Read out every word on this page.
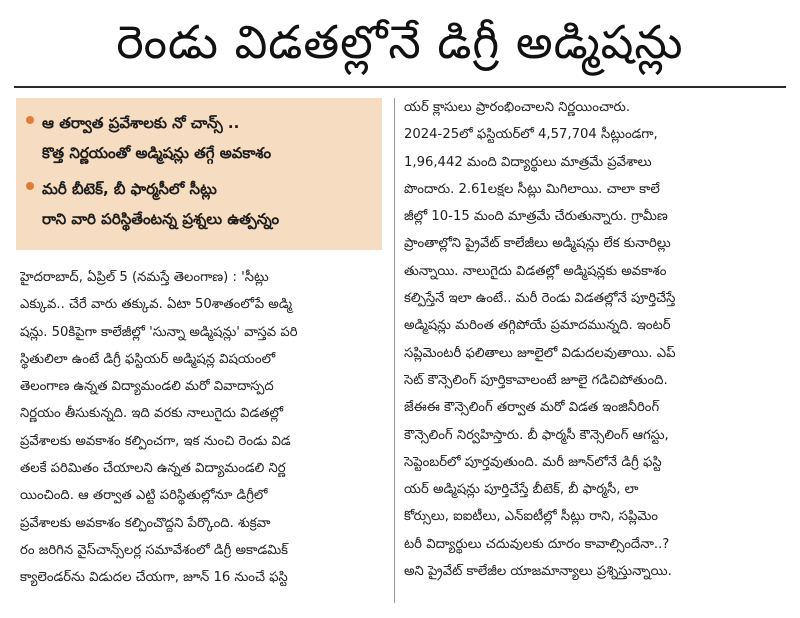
రెండు విడతల్లోనే డిగ్రీ అడ్మిషన్లు
ఆ తర్వాత ప్రవేశాలకు నో చాన్స్ ..
కొత్త నిర్ణయంతో అడ్మిషన్లు తగ్గే అవకాశం
మరీ బీటెక్‌, బీ ఫార్మసీలో సీట్లు
రాని వారి పరిస్థితేంటన్న ప్రశ్నలు ఉత్పన్నం
హైదరాబాద్‌, ఏప్రిల్‌ 5 (నమస్తే తెలంగాణ) : 'సీట్లు
ఎక్కువ.. చేరే వారు తక్కువ. ఏటా 50శాతంలోపే అడ్మి
షన్లు. 50కిపైగా కాలేజీల్లో 'సున్నా అడ్మిషన్లు' వాస్తవ పరి
స్థితులిలా ఉంటే డిగ్రీ ఫస్టియర్‌ అడ్మిషన్ల విషయంలో
తెలంగాణ ఉన్నత విద్యామండలి మరో వివాదాస్పద
నిర్ణయం తీసుకున్నది. ఇది వరకు నాలుగైదు విడతల్లో
ప్రవేశాలకు అవకాశం కల్పించగా, ఇక నుంచి రెండు విడ
తలకే పరిమితం చేయాలని ఉన్నత విద్యామండలి నిర్ణ
యించింది. ఆ తర్వాత ఎట్టి పరిస్థితుల్లోనూ డిగ్రీలో
ప్రవేశాలకు అవకాశం కల్పించొద్దని పేర్కొంది. శుక్రవా
రం జరిగిన వైస్‌చాన్స్‌లర్ల సమావేశంలో డిగ్రీ అకాడమిక్‌
క్యాలెండర్‌ను విడుదల చేయగా, జూన్‌ 16 నుంచే ఫస్టి
యర్‌ క్లాసులు ప్రారంభించాలని నిర్ణయించారు.
2024-25లో ఫస్టియర్‌లో 4,57,704 సీట్లుండగా,
1,96,442 మంది విద్యార్థులు మాత్రమే ప్రవేశాలు
పొందారు. 2.61లక్షల సీట్లు మిగిలాయి. చాలా కాలే
జీల్లో 10-15 మంది మాత్రమే చేరుతున్నారు. గ్రామీణ
ప్రాంతాల్లోని ప్రైవేట్‌ కాలేజీలు అడ్మిషన్లు లేక కునారిల్లు
తున్నాయి. నాలుగైదు విడతల్లో అడ్మిషన్లకు అవకాశం
కల్పిస్తేనే ఇలా ఉంటే.. మరీ రెండు విడతల్లోనే పూర్తిచేస్తే
అడ్మిషన్లు మరింత తగ్గిపోయే ప్రమాదమున్నది. ఇంటర్‌
సప్లిమెంటరీ ఫలితాలు జూలైలో విడుదలవుతాయి. ఎప్‌
సెట్‌ కౌన్సెలింగ్‌ పూర్తికావాలంటే జూలై గడిచిపోతుంది.
జేఈఈ కౌన్సెలింగ్‌ తర్వాత మరో విడత ఇంజినీరింగ్‌
కౌన్సెలింగ్‌ నిర్వహిస్తారు. బీ ఫార్మసీ కౌన్సెలింగ్‌ ఆగస్టు,
సెప్టెంబర్‌లో పూర్తవుతుంది. మరీ జూన్‌లోనే డిగ్రీ ఫస్టి
యర్‌ అడ్మిషన్లు పూర్తిచేస్తే బీటెక్‌, బీ ఫార్మసీ, లా
కోర్సులు, ఐఐటీలు, ఎన్‌ఐటీల్లో సీట్లు రాని, సప్లిమెం
టరీ విద్యార్థులు చదువులకు దూరం కావాల్సిందేనా..?
అని ప్రైవేట్‌ కాలేజీల యాజమాన్యాలు ప్రశ్నిస్తున్నాయి.
